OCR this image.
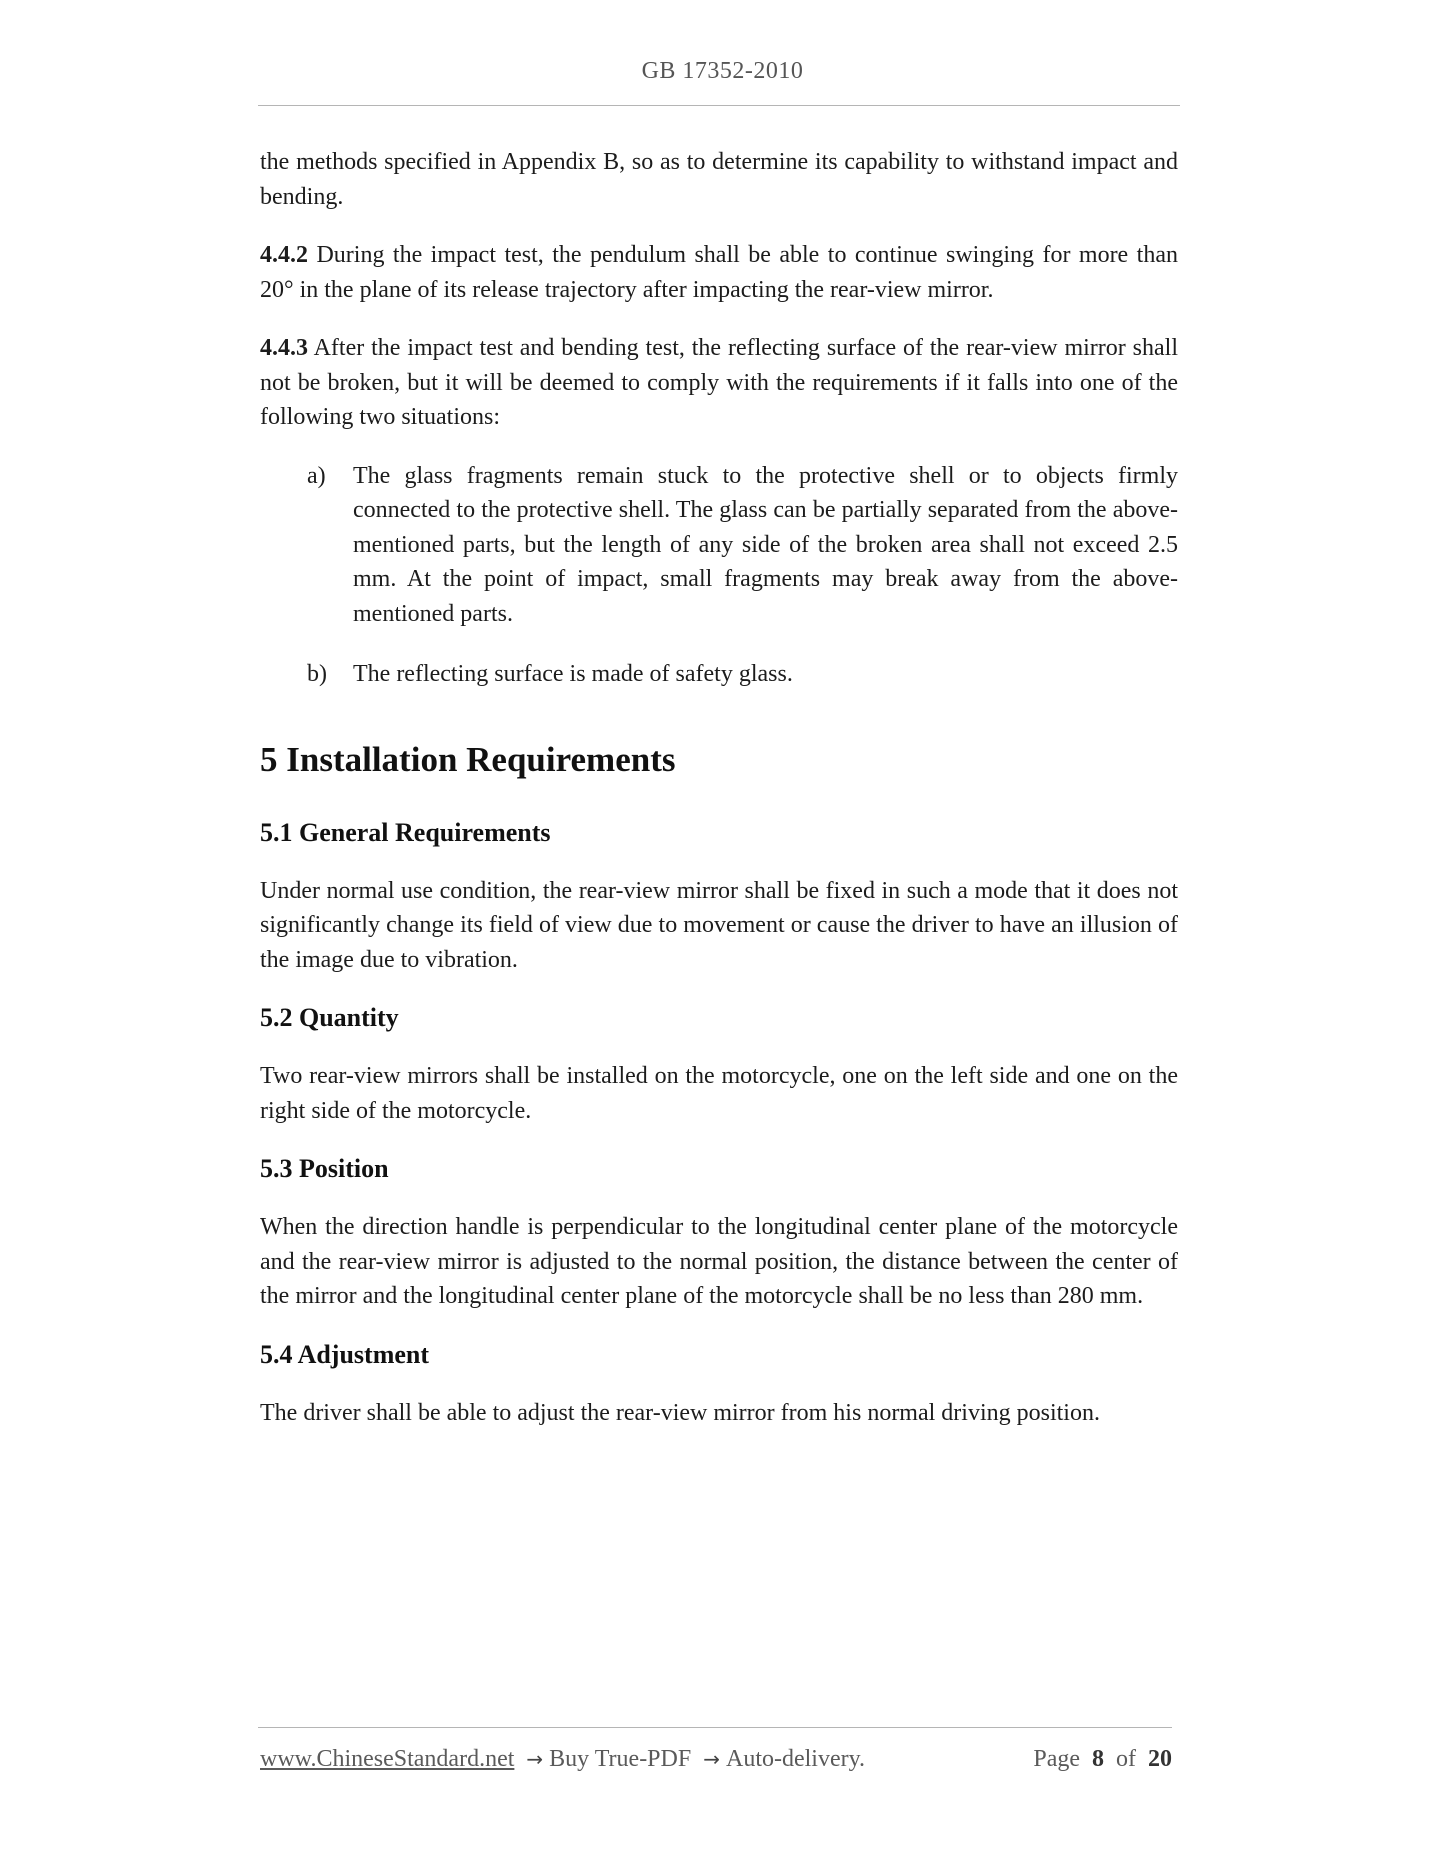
GB 17352-2010

the methods specified in Appendix B, so as to determine its capability to withstand impact and bending.

4.4.2 During the impact test, the pendulum shall be able to continue swinging for more than 20° in the plane of its release trajectory after impacting the rear-view mirror.

4.4.3 After the impact test and bending test, the reflecting surface of the rear-view mirror shall not be broken, but it will be deemed to comply with the requirements if it falls into one of the following two situations:

a) The glass fragments remain stuck to the protective shell or to objects firmly connected to the protective shell. The glass can be partially separated from the above-mentioned parts, but the length of any side of the broken area shall not exceed 2.5 mm. At the point of impact, small fragments may break away from the above-mentioned parts.
b) The reflecting surface is made of safety glass.
5 Installation Requirements
5.1 General Requirements

Under normal use condition, the rear-view mirror shall be fixed in such a mode that it does not significantly change its field of view due to movement or cause the driver to have an illusion of the image due to vibration.

5.2 Quantity

Two rear-view mirrors shall be installed on the motorcycle, one on the left side and one on the right side of the motorcycle.

5.3 Position

When the direction handle is perpendicular to the longitudinal center plane of the motorcycle and the rear-view mirror is adjusted to the normal position, the distance between the center of the mirror and the longitudinal center plane of the motorcycle shall be no less than 280 mm.

5.4 Adjustment

The driver shall be able to adjust the rear-view mirror from his normal driving position.

www.ChineseStandard.net → Buy True-PDF → Auto-delivery.	Page 8 of 20
